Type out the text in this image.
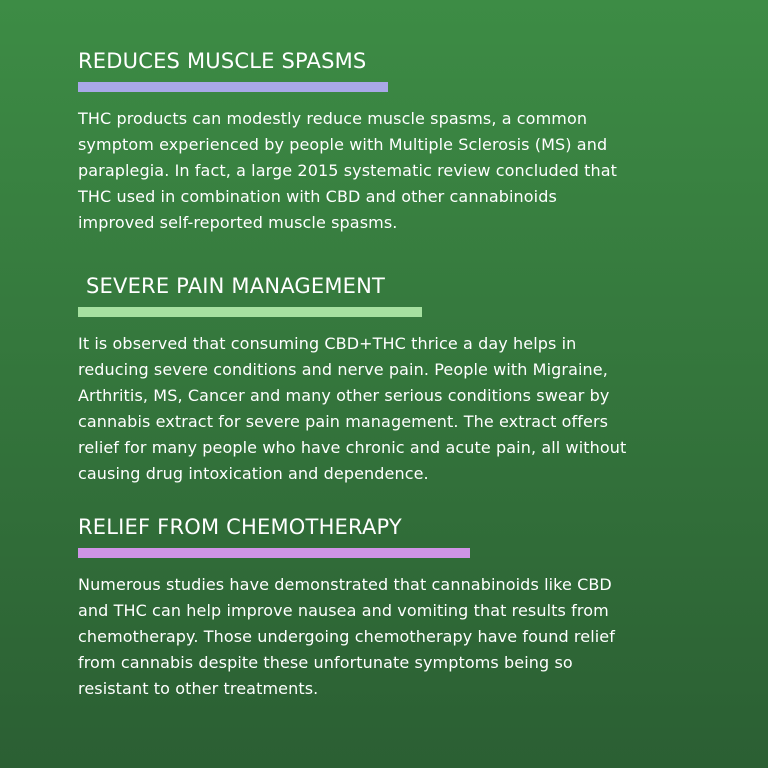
REDUCES MUSCLE SPASMS

THC products can modestly reduce muscle spasms, a common
symptom experienced by people with Multiple Sclerosis (MS) and
paraplegia. In fact, a large 2015 systematic review concluded that
THC used in combination with CBD and other cannabinoids
improved self-reported muscle spasms.

SEVERE PAIN MANAGEMENT

It is observed that consuming CBD+THC thrice a day helps in
reducing severe conditions and nerve pain. People with Migraine,
Arthritis, MS, Cancer and many other serious conditions swear by
cannabis extract for severe pain management. The extract offers
relief for many people who have chronic and acute pain, all without
causing drug intoxication and dependence.

RELIEF FROM CHEMOTHERAPY

Numerous studies have demonstrated that cannabinoids like CBD
and THC can help improve nausea and vomiting that results from
chemotherapy. Those undergoing chemotherapy have found relief
from cannabis despite these unfortunate symptoms being so
resistant to other treatments.
